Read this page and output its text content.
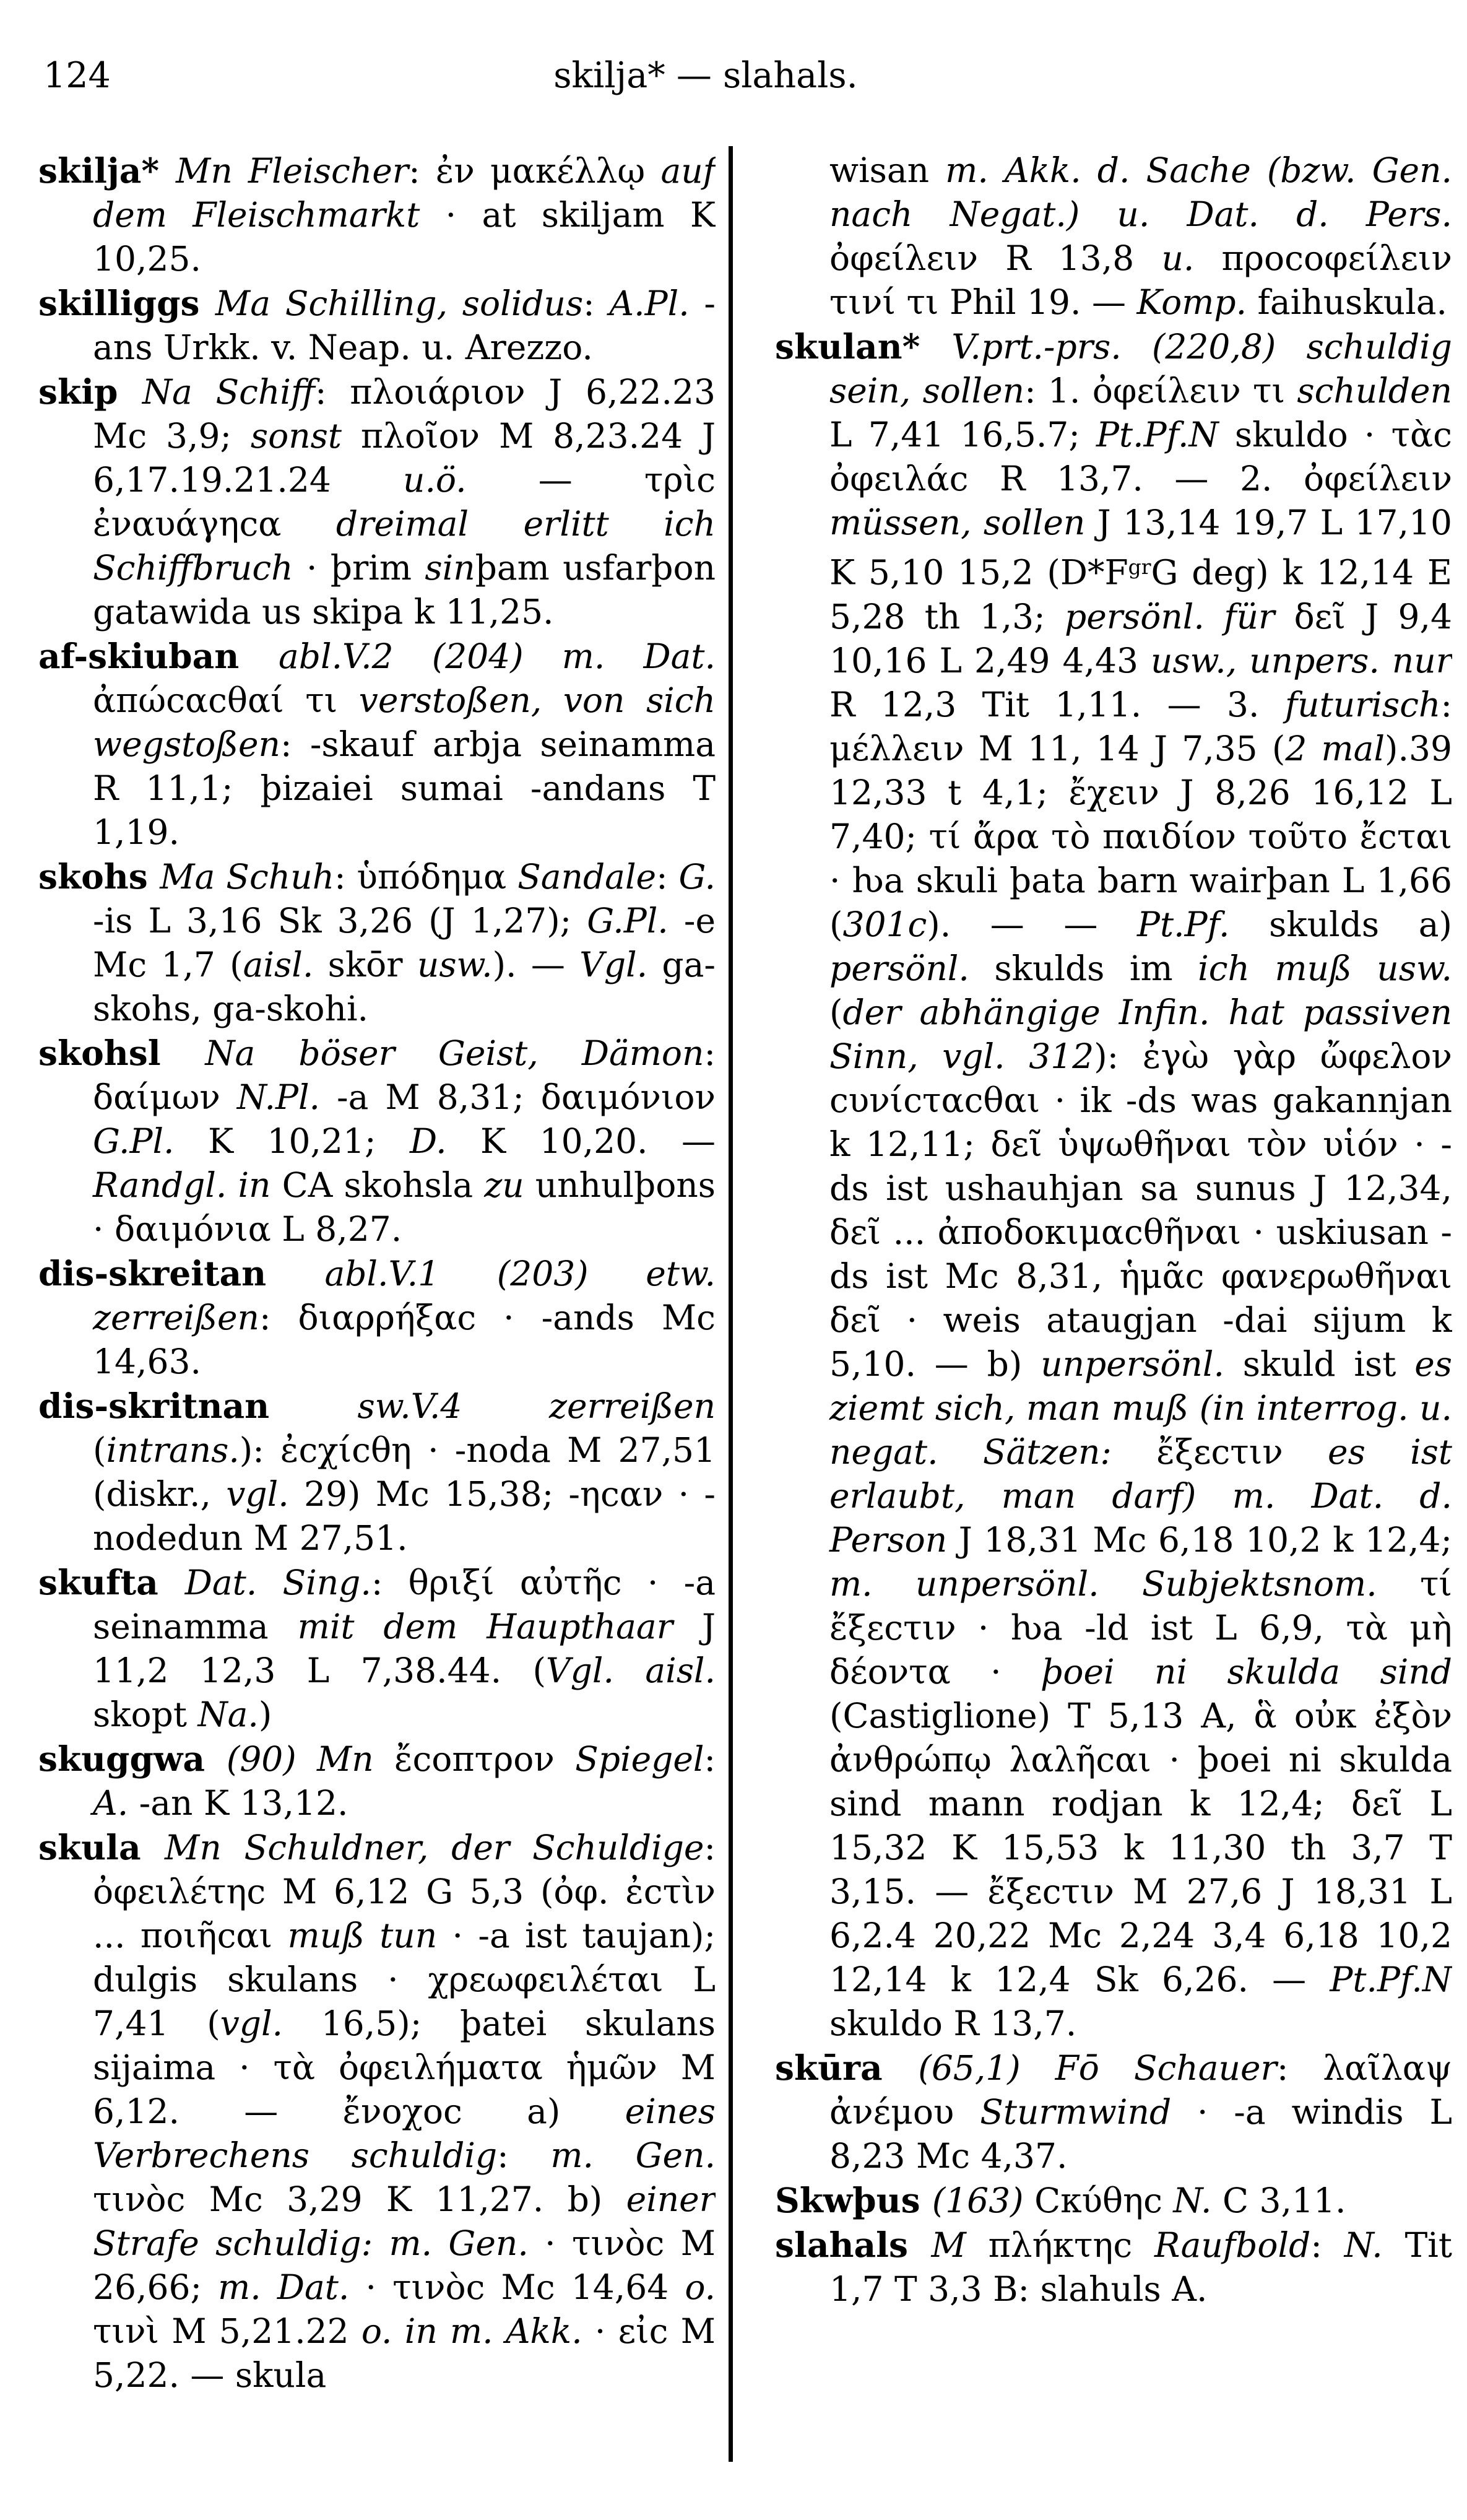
124	skilja* — slahals.

skilja* Mn Fleischer: ἐν μακέλλῳ auf dem Fleischmarkt · at skiljam K 10,25.

skilliggs Ma Schilling, solidus: A.Pl. -ans Urkk. v. Neap. u. Arezzo.

skip Na Schiff: πλοιάριον J 6,22.23 Mc 3,9; sonst πλοῖον M 8,23.24 J 6,17.19.21.24 u.ö. — τρὶc ἐναυάγηcα dreimal erlitt ich Schiffbruch · þrim sinþam usfarþon gatawida us skipa k 11,25.

af-skiuban abl.V.2 (204) m. Dat. ἀπώcαcθαί τι verstoßen, von sich wegstoßen: -skauf arbja seinamma R 11,1; þizaiei sumai -andans T 1,19.

skohs Ma Schuh: ὑπόδημα Sandale: G. -is L 3,16 Sk 3,26 (J 1,27); G.Pl. -e Mc 1,7 (aisl. skōr usw.). — Vgl. ga-skohs, ga-skohi.

skohsl Na böser Geist, Dämon: δαίμων N.Pl. -a M 8,31; δαιμόνιον G.Pl. K 10,21; D. K 10,20. — Randgl. in CA skohsla zu unhulþons · δαιμόνια L 8,27.

dis-skreitan abl.V.1 (203) etw. zerreißen: διαρρήξαc · -ands Mc 14,63.

dis-skritnan sw.V.4 zerreißen (intrans.): ἐcχίcθη · -noda M 27,51 (diskr., vgl. 29) Mc 15,38; -ηcαν · -nodedun M 27,51.

skufta Dat. Sing.: θριξί αὐτῆc · -a seinamma mit dem Haupthaar J 11,2 12,3 L 7,38.44. (Vgl. aisl. skopt Na.)

skuggwa (90) Mn ἔcοπτρον Spiegel: A. -an K 13,12.

skula Mn Schuldner, der Schuldige: ὀφειλέτηc M 6,12 G 5,3 (ὀφ. ἐcτὶν ... ποιῆcαι muß tun · -a ist taujan); dulgis skulans · χρεωφειλέται L 7,41 (vgl. 16,5); þatei skulans sijaima · τὰ ὀφειλήματα ἡμῶν M 6,12. — ἔνοχοc a) eines Verbrechens schuldig: m. Gen. τινὸc Mc 3,29 K 11,27. b) einer Strafe schuldig: m. Gen. · τινὸc M 26,66; m. Dat. · τινὸc Mc 14,64 o. τινὶ M 5,21.22 o. in m. Akk. · εἰc M 5,22. — skula

wisan m. Akk. d. Sache (bzw. Gen. nach Negat.) u. Dat. d. Pers. ὀφείλειν R 13,8 u. προcοφείλειν τινί τι Phil 19. — Komp. faihuskula.

skulan* V.prt.-prs. (220,8) schuldig sein, sollen: 1. ὀφείλειν τι schulden L 7,41 16,5.7; Pt.Pf.N skuldo · τὰc ὀφειλάc R 13,7. — 2. ὀφείλειν müssen, sollen J 13,14 19,7 L 17,10 K 5,10 15,2 ($D*F^{gr}G$ deg) k 12,14 E 5,28 th 1,3; persönl. für δεῖ J 9,4 10,16 L 2,49 4,43 usw., unpers. nur R 12,3 Tit 1,11. — 3. futurisch: μέλλειν M 11, 14 J 7,35 (2 mal).39 12,33 t 4,1; ἔχειν J 8,26 16,12 L 7,40; τί ἄρα τὸ παιδίον τοῦτο ἔcται · ƕa skuli þata barn wairþan L 1,66 (301c). — — Pt.Pf. skulds a) persönl. skulds im ich muß usw. (der abhängige Infin. hat passiven Sinn, vgl. 312): ἐγὼ γὰρ ὤφελον cυνίcταcθαι · ik -ds was gakannjan k 12,11; δεῖ ὑψωθῆναι τὸν υἱόν · -ds ist ushauhjan sa sunus J 12,34, δεῖ ... ἀποδοκιμαcθῆναι · uskiusan -ds ist Mc 8,31, ἡμᾶc φανερωθῆναι δεῖ · weis ataugjan -dai sijum k 5,10. — b) unpersönl. skuld ist es ziemt sich, man muß (in interrog. u. negat. Sätzen: ἔξεcτιν es ist erlaubt, man darf) m. Dat. d. Person J 18,31 Mc 6,18 10,2 k 12,4; m. unpersönl. Subjektsnom. τί ἔξεcτιν · ƕa -ld ist L 6,9, τὰ μὴ δέοντα · þoei ni skulda sind (Castiglione) T 5,13 A, ἃ οὐκ ἐξὸν ἀνθρώπῳ λαλῆcαι · þoei ni skulda sind mann rodjan k 12,4; δεῖ L 15,32 K 15,53 k 11,30 th 3,7 T 3,15. — ἔξεcτιν M 27,6 J 18,31 L 6,2.4 20,22 Mc 2,24 3,4 6,18 10,2 12,14 k 12,4 Sk 6,26. — Pt.Pf.N skuldo R 13,7.

skūra (65,1) Fō Schauer: λαῖλαψ ἀνέμου Sturmwind · -a windis L 8,23 Mc 4,37.

Skwþus (163) Cκύθηc N. C 3,11.

slahals M πλήκτηc Raufbold: N. Tit 1,7 T 3,3 B: slahuls A.
